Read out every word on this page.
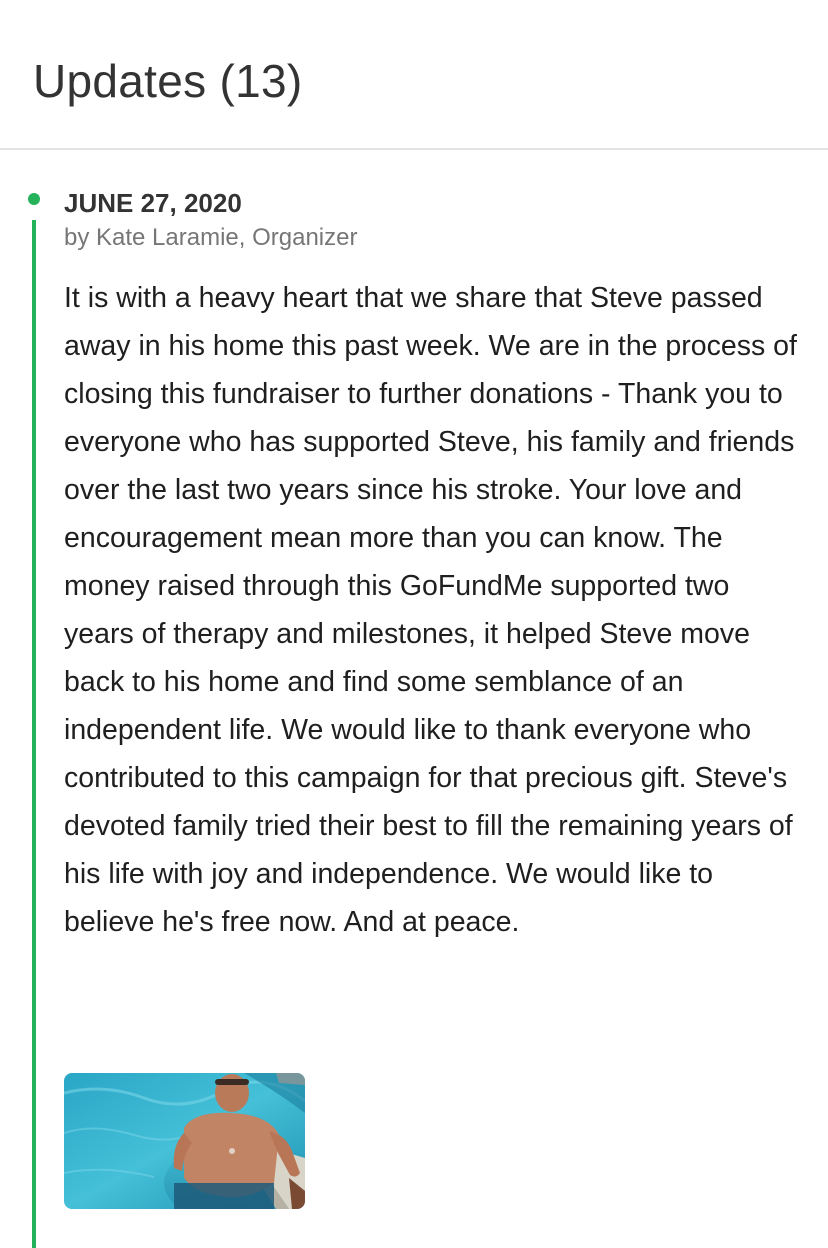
Updates (13)
JUNE 27, 2020
by Kate Laramie, Organizer

It is with a heavy heart that we share that Steve passed away in his home this past week. We are in the process of closing this fundraiser to further donations - Thank you to everyone who has supported Steve, his family and friends over the last two years since his stroke. Your love and encouragement mean more than you can know. The money raised through this GoFundMe supported two years of therapy and milestones, it helped Steve move back to his home and find some semblance of an independent life. We would like to thank everyone who contributed to this campaign for that precious gift. Steve's devoted family tried their best to fill the remaining years of his life with joy and independence. We would like to believe he's free now. And at peace.
